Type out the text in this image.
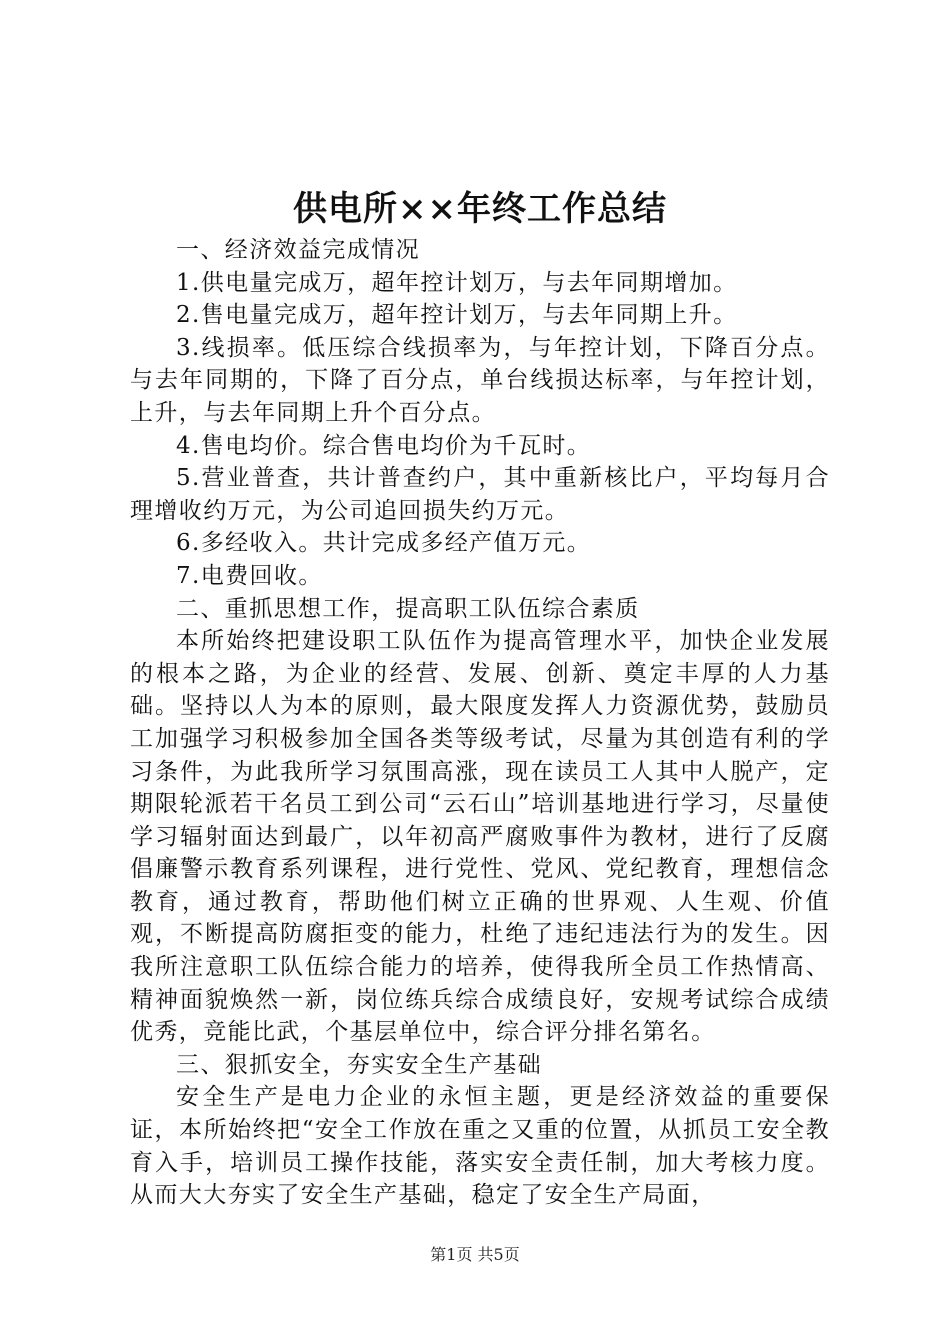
供电所××年终工作总结

一、经济效益完成情况

1.供电量完成万，超年控计划万，与去年同期增加。

2.售电量完成万，超年控计划万，与去年同期上升。

3.线损率。低压综合线损率为，与年控计划，下降百分点。与去年同期的，下降了百分点，单台线损达标率，与年控计划，上升，与去年同期上升个百分点。

4.售电均价。综合售电均价为千瓦时。

5.营业普查，共计普查约户，其中重新核比户，平均每月合理增收约万元，为公司追回损失约万元。

6.多经收入。共计完成多经产值万元。

7.电费回收。

二、重抓思想工作，提高职工队伍综合素质

本所始终把建设职工队伍作为提高管理水平，加快企业发展的根本之路，为企业的经营、发展、创新、奠定丰厚的人力基础。坚持以人为本的原则，最大限度发挥人力资源优势，鼓励员工加强学习积极参加全国各类等级考试，尽量为其创造有利的学习条件，为此我所学习氛围高涨，现在读员工人其中人脱产，定期限轮派若干名员工到公司“云石山”培训基地进行学习，尽量使学习辐射面达到最广，以年初高严腐败事件为教材，进行了反腐倡廉警示教育系列课程，进行党性、党风、党纪教育，理想信念教育，通过教育，帮助他们树立正确的世界观、人生观、价值观，不断提高防腐拒变的能力，杜绝了违纪违法行为的发生。因我所注意职工队伍综合能力的培养，使得我所全员工作热情高、精神面貌焕然一新，岗位练兵综合成绩良好，安规考试综合成绩优秀，竞能比武，个基层单位中，综合评分排名第名。

三、狠抓安全，夯实安全生产基础

安全生产是电力企业的永恒主题，更是经济效益的重要保证，本所始终把“安全工作放在重之又重的位置，从抓员工安全教育入手，培训员工操作技能，落实安全责任制，加大考核力度。从而大大夯实了安全生产基础，稳定了安全生产局面，

第1页 共5页
